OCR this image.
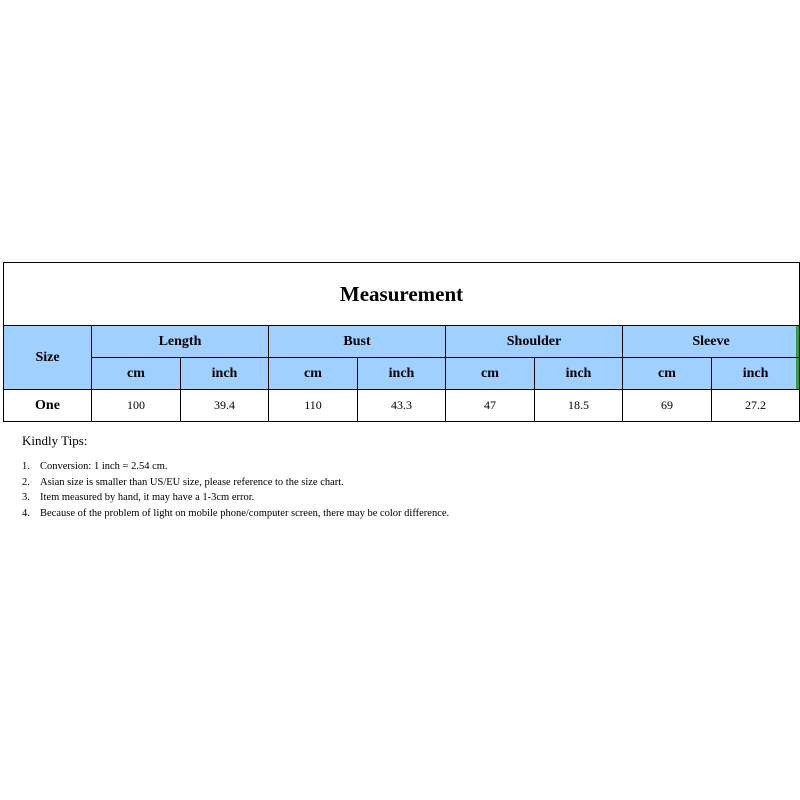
Measurement								
Size	Length		Bust		Shoulder		Sleeve	
	cm	inch	cm	inch	cm	inch	cm	inch
One	100	39.4	110	43.3	47	18.5	69	27.2

Kindly Tips:

1. Conversion: 1 inch = 2.54 cm.
2. Asian size is smaller than US/EU size, please reference to the size chart.
3. Item measured by hand, it may have a 1-3cm error.
4. Because of the problem of light on mobile phone/computer screen, there may be color difference.
